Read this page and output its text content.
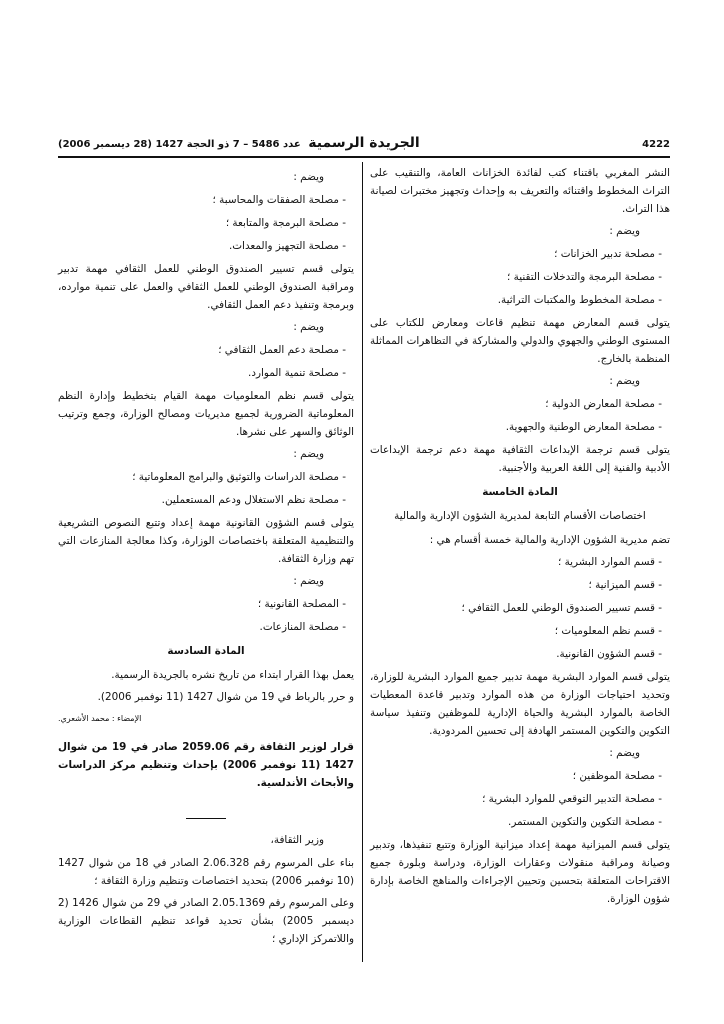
عدد 5486 – 7 ذو الحجة 1427 (28 ديسمبر 2006) الجريدة الرسمية	4222

النشر المغربي باقتناء كتب لفائدة الخزانات العامة، والتنقيب على التراث المخطوط واقتنائه والتعريف به وإحداث وتجهيز مختبرات لصيانة هذا التراث.

ويضم :

- مصلحة تدبير الخزانات ؛

- مصلحة البرمجة والتدخلات التقنية ؛

- مصلحة المخطوط والمكتبات التراثية.

يتولى قسم المعارض مهمة تنظيم قاعات ومعارض للكتاب على المستوى الوطني والجهوي والدولي والمشاركة في التظاهرات المماثلة المنظمة بالخارج.

ويضم :

- مصلحة المعارض الدولية ؛

- مصلحة المعارض الوطنية والجهوية.

يتولى قسم ترجمة الإبداعات الثقافية مهمة دعم ترجمة الإبداعات الأدبية والفنية إلى اللغة العربية والأجنبية.

المادة الخامسة

اختصاصات الأقسام التابعة لمديرية الشؤون الإدارية والمالية

تضم مديرية الشؤون الإدارية والمالية خمسة أقسام هي :

- قسم الموارد البشرية ؛

- قسم الميزانية ؛

- قسم تسيير الصندوق الوطني للعمل الثقافي ؛

- قسم نظم المعلوميات ؛

- قسم الشؤون القانونية.

يتولى قسم الموارد البشرية مهمة تدبير جميع الموارد البشرية للوزارة، وتحديد احتياجات الوزارة من هذه الموارد وتدبير قاعدة المعطيات الخاصة بالموارد البشرية والحياة الإدارية للموظفين وتنفيذ سياسة التكوين والتكوين المستمر الهادفة إلى تحسين المردودية.

ويضم :

- مصلحة الموظفين ؛

- مصلحة التدبير التوقعي للموارد البشرية ؛

- مصلحة التكوين والتكوين المستمر.

يتولى قسم الميزانية مهمة إعداد ميزانية الوزارة وتتبع تنفيذها، وتدبير وصيانة ومراقبة منقولات وعقارات الوزارة، ودراسة وبلورة جميع الاقتراحات المتعلقة بتحسين وتحيين الإجراءات والمناهج الخاصة بإدارة شؤون الوزارة.

ويضم :

- مصلحة الصفقات والمحاسبة ؛

- مصلحة البرمجة والمتابعة ؛

- مصلحة التجهيز والمعدات.

يتولى قسم تسيير الصندوق الوطني للعمل الثقافي مهمة تدبير ومراقبة الصندوق الوطني للعمل الثقافي والعمل على تنمية موارده، وبرمجة وتنفيذ دعم العمل الثقافي.

ويضم :

- مصلحة دعم العمل الثقافي ؛

- مصلحة تنمية الموارد.

يتولى قسم نظم المعلوميات مهمة القيام بتخطيط وإدارة النظم المعلوماتية الضرورية لجميع مديريات ومصالح الوزارة، وجمع وترتيب الوثائق والسهر على نشرها.

ويضم :

- مصلحة الدراسات والتوثيق والبرامج المعلوماتية ؛

- مصلحة نظم الاستغلال ودعم المستعملين.

يتولى قسم الشؤون القانونية مهمة إعداد وتتبع النصوص التشريعية والتنظيمية المتعلقة باختصاصات الوزارة، وكذا معالجة المنازعات التي تهم وزارة الثقافة.

ويضم :

- المصلحة القانونية ؛

- مصلحة المنازعات.

المادة السادسة

يعمل بهذا القرار ابتداء من تاريخ نشره بالجريدة الرسمية.

و حرر بالرباط في 19 من شوال 1427 (11 نوفمبر 2006).

الإمضاء : محمد الأشعري.

قرار لوزير الثقافة رقم 2059.06 صادر في 19 من شوال 1427 (11 نوفمبر 2006) بإحداث وتنظيم مركز الدراسات والأبحاث الأندلسية.

وزير الثقافة،

بناء على المرسوم رقم 2.06.328 الصادر في 18 من شوال 1427 (10 نوفمبر 2006) بتحديد اختصاصات وتنظيم وزارة الثقافة ؛

وعلى المرسوم رقم 2.05.1369 الصادر في 29 من شوال 1426 (2 ديسمبر 2005) بشأن تحديد قواعد تنظيم القطاعات الوزارية واللاتمركز الإداري ؛
